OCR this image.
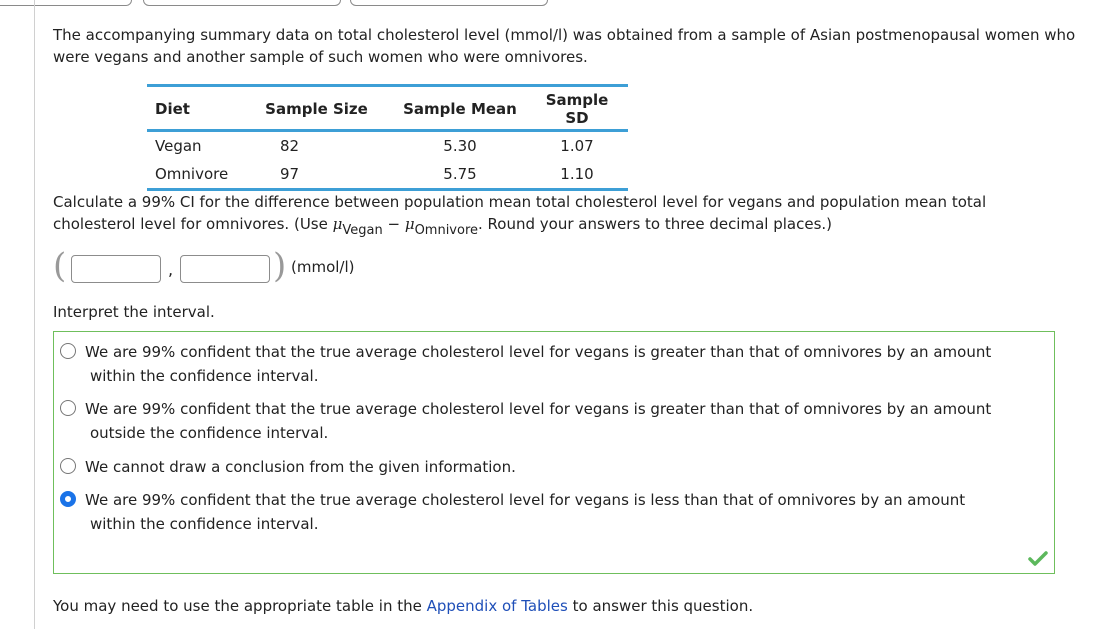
The accompanying summary data on total cholesterol level (mmol/l) was obtained from a sample of Asian postmenopausal women who were vegans and another sample of such women who were omnivores.
Diet	Sample Size	Sample Mean	Sample SD
Vegan	82	5.30	1.07
Omnivore	97	5.75	1.10
Calculate a 99% CI for the difference between population mean total cholesterol level for vegans and population mean total cholesterol level for omnivores. (Use μVegan − μOmnivore. Round your answers to three decimal places.)
(	,	) (mmol/l)
Interpret the interval.
We are 99% confident that the true average cholesterol level for vegans is greater than that of omnivores by an amount
within the confidence interval.
We are 99% confident that the true average cholesterol level for vegans is greater than that of omnivores by an amount
outside the confidence interval.
We cannot draw a conclusion from the given information.
We are 99% confident that the true average cholesterol level for vegans is less than that of omnivores by an amount
within the confidence interval.
You may need to use the appropriate table in the Appendix of Tables to answer this question.
